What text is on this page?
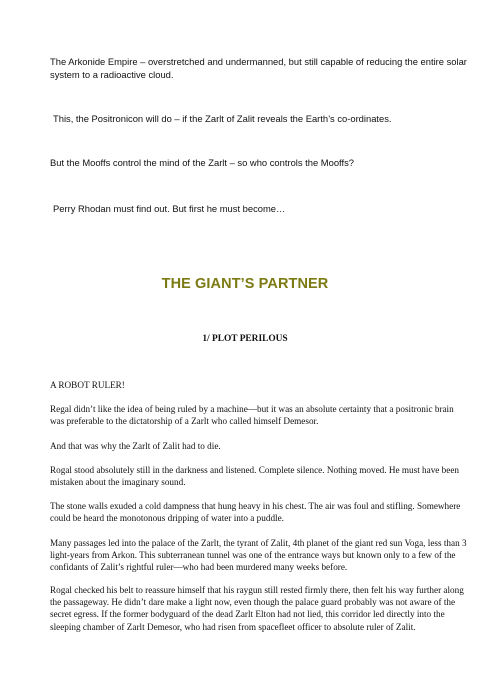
The Arkonide Empire – overstretched and undermanned, but still capable of reducing the entire solar system to a radioactive cloud.

This, the Positronicon will do – if the Zarlt of Zalit reveals the Earth’s co-ordinates.

But the Mooffs control the mind of the Zarlt – so who controls the Mooffs?

Perry Rhodan must find out. But first he must become…

THE GIANT’S PARTNER
1/ PLOT PERILOUS

A ROBOT RULER!

Regal didn’t like the idea of being ruled by a machine—but it was an absolute certainty that a positronic brain was preferable to the dictatorship of a Zarlt who called himself Demesor.

And that was why the Zarlt of Zalit had to die.

Rogal stood absolutely still in the darkness and listened. Complete silence. Nothing moved. He must have been mistaken about the imaginary sound.

The stone walls exuded a cold dampness that hung heavy in his chest. The air was foul and stifling. Somewhere could be heard the monotonous dripping of water into a puddle.

Many passages led into the palace of the Zarlt, the tyrant of Zalit, 4th planet of the giant red sun Voga, less than 3 light-years from Arkon. This subterranean tunnel was one of the entrance ways but known only to a few of the confidants of Zalit’s rightful ruler—who had been murdered many weeks before.

Rogal checked his belt to reassure himself that his raygun still rested firmly there, then felt his way further along the passageway. He didn’t dare make a light now, even though the palace guard probably was not aware of the secret egress. If the former bodyguard of the dead Zarlt Elton had not lied, this corridor led directly into the sleeping chamber of Zarlt Demesor, who had risen from spacefleet officer to absolute ruler of Zalit.
